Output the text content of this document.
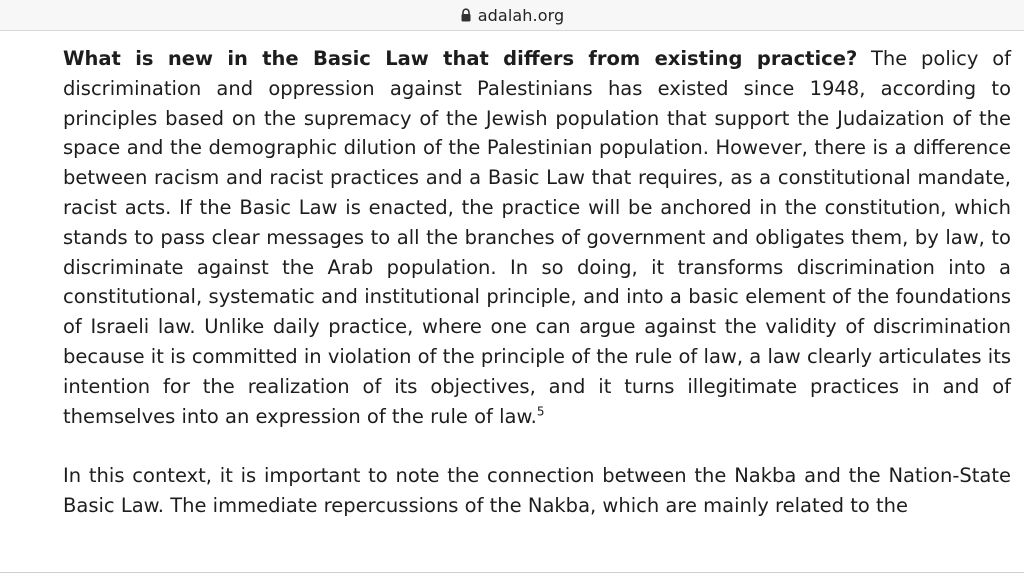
adalah.org

What is new in the Basic Law that differs from existing practice? The policy of discrimination and oppression against Palestinians has existed since 1948, according to principles based on the supremacy of the Jewish population that support the Judaization of the space and the demographic dilution of the Palestinian population. However, there is a difference between racism and racist practices and a Basic Law that requires, as a constitutional mandate, racist acts. If the Basic Law is enacted, the practice will be anchored in the constitution, which stands to pass clear messages to all the branches of government and obligates them, by law, to discriminate against the Arab population. In so doing, it transforms discrimination into a constitutional, systematic and institutional principle, and into a basic element of the foundations of Israeli law. Unlike daily practice, where one can argue against the validity of discrimination because it is committed in violation of the principle of the rule of law, a law clearly articulates its intention for the realization of its objectives, and it turns illegitimate practices in and of themselves into an expression of the rule of law.$^5$

In this context, it is important to note the connection between the Nakba and the Nation-State Basic Law. The immediate repercussions of the Nakba, which are mainly related to the
